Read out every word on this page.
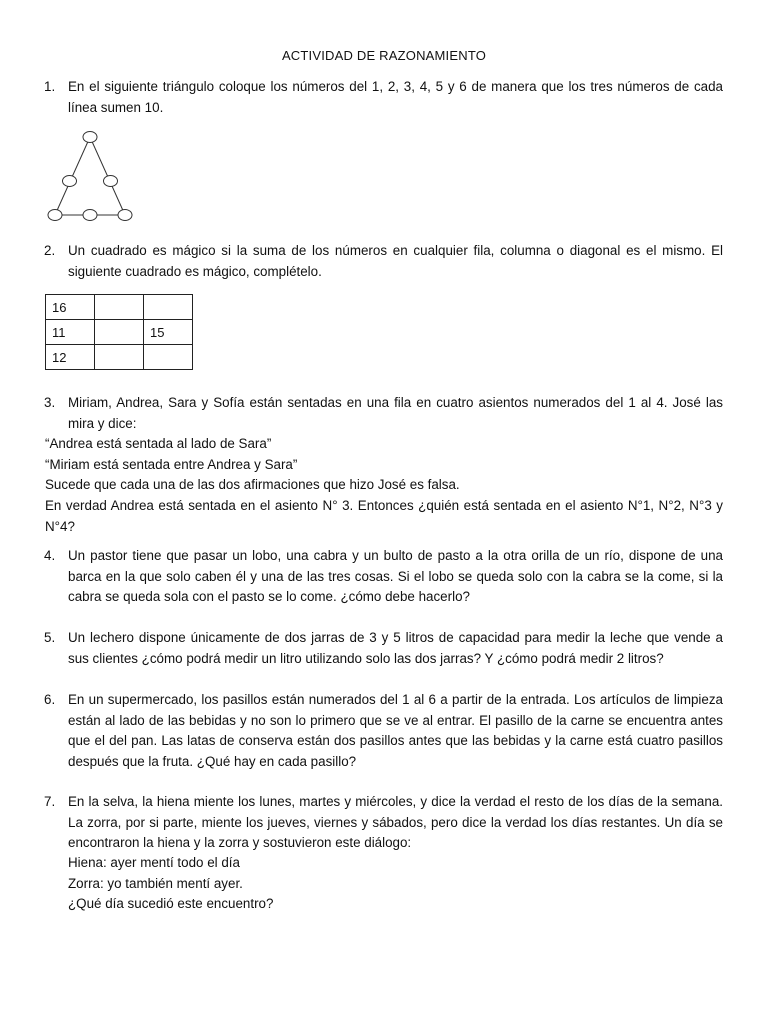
ACTIVIDAD DE RAZONAMIENTO
1. En el siguiente triángulo coloque los números del 1, 2, 3, 4, 5 y 6 de manera que los tres números de cada línea sumen 10.
2. Un cuadrado es mágico si la suma de los números en cualquier fila, columna o diagonal es el mismo. El siguiente cuadrado es mágico, complételo.
16		
11		15
12		
3. Miriam, Andrea, Sara y Sofía están sentadas en una fila en cuatro asientos numerados del 1 al 4. José las mira y dice:
“Andrea está sentada al lado de Sara”
“Miriam está sentada entre Andrea y Sara”
Sucede que cada una de las dos afirmaciones que hizo José es falsa.
En verdad Andrea está sentada en el asiento N° 3. Entonces ¿quién está sentada en el asiento N°1, N°2, N°3 y N°4?
4. Un pastor tiene que pasar un lobo, una cabra y un bulto de pasto a la otra orilla de un río, dispone de una barca en la que solo caben él y una de las tres cosas. Si el lobo se queda solo con la cabra se la come, si la cabra se queda sola con el pasto se lo come. ¿cómo debe hacerlo?
5. Un lechero dispone únicamente de dos jarras de 3 y 5 litros de capacidad para medir la leche que vende a sus clientes ¿cómo podrá medir un litro utilizando solo las dos jarras? Y ¿cómo podrá medir 2 litros?
6. En un supermercado, los pasillos están numerados del 1 al 6 a partir de la entrada. Los artículos de limpieza están al lado de las bebidas y no son lo primero que se ve al entrar. El pasillo de la carne se encuentra antes que el del pan. Las latas de conserva están dos pasillos antes que las bebidas y la carne está cuatro pasillos después que la fruta. ¿Qué hay en cada pasillo?
7. En la selva, la hiena miente los lunes, martes y miércoles, y dice la verdad el resto de los días de la semana. La zorra, por si parte, miente los jueves, viernes y sábados, pero dice la verdad los días restantes. Un día se encontraron la hiena y la zorra y sostuvieron este diálogo:
Hiena: ayer mentí todo el día
Zorra: yo también mentí ayer.
¿Qué día sucedió este encuentro?
